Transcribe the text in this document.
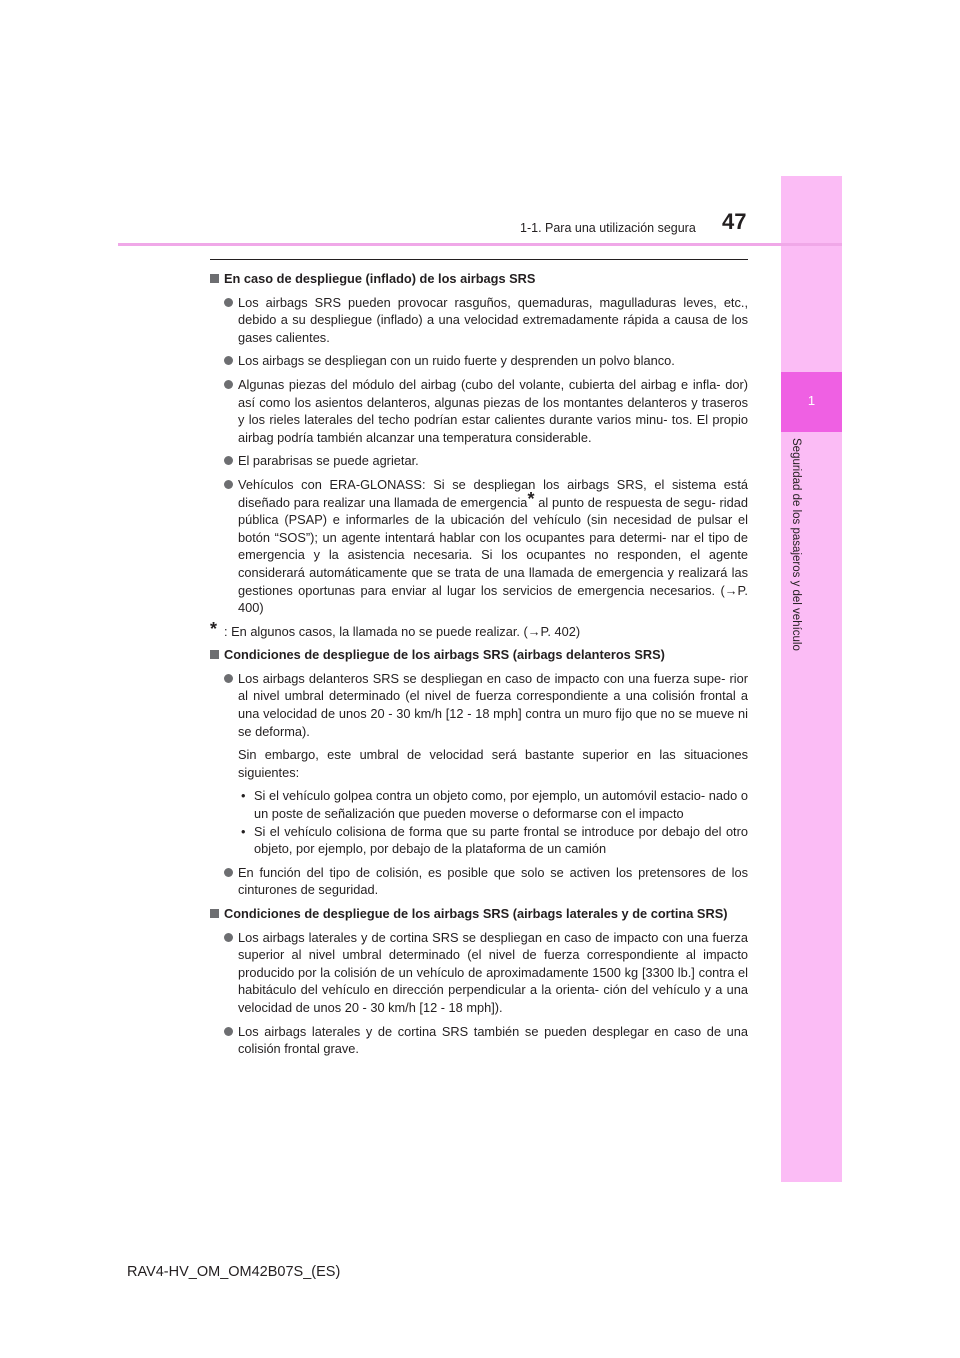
1
Seguridad de los pasajeros y del vehículo
47
1-1. Para una utilización segura
En caso de despliegue (inflado) de los airbags SRS
Los airbags SRS pueden provocar rasguños, quemaduras, magulladuras leves, etc., debido a su despliegue (inflado) a una velocidad extremadamente rápida a causa de los gases calientes.
Los airbags se despliegan con un ruido fuerte y desprenden un polvo blanco.
Algunas piezas del módulo del airbag (cubo del volante, cubierta del airbag e infla- dor) así como los asientos delanteros, algunas piezas de los montantes delanteros y traseros y los rieles laterales del techo podrían estar calientes durante varios minu- tos. El propio airbag podría también alcanzar una temperatura considerable.
El parabrisas se puede agrietar.
Vehículos con ERA-GLONASS: Si se despliegan los airbags SRS, el sistema está diseñado para realizar una llamada de emergencia* al punto de respuesta de segu- ridad pública (PSAP) e informarles de la ubicación del vehículo (sin necesidad de pulsar el botón “SOS”); un agente intentará hablar con los ocupantes para determi- nar el tipo de emergencia y la asistencia necesaria. Si los ocupantes no responden, el agente considerará automáticamente que se trata de una llamada de emergencia y realizará las gestiones oportunas para enviar al lugar los servicios de emergencia necesarios. (→P. 400)
* : En algunos casos, la llamada no se puede realizar. (→P. 402)
Condiciones de despliegue de los airbags SRS (airbags delanteros SRS)
Los airbags delanteros SRS se despliegan en caso de impacto con una fuerza supe- rior al nivel umbral determinado (el nivel de fuerza correspondiente a una colisión frontal a una velocidad de unos 20 - 30 km/h [12 - 18 mph] contra un muro fijo que no se mueve ni se deforma).
Sin embargo, este umbral de velocidad será bastante superior en las situaciones siguientes:
• Si el vehículo golpea contra un objeto como, por ejemplo, un automóvil estacio- nado o un poste de señalización que pueden moverse o deformarse con el impacto
• Si el vehículo colisiona de forma que su parte frontal se introduce por debajo del otro objeto, por ejemplo, por debajo de la plataforma de un camión
En función del tipo de colisión, es posible que solo se activen los pretensores de los cinturones de seguridad.
Condiciones de despliegue de los airbags SRS (airbags laterales y de cortina SRS)
Los airbags laterales y de cortina SRS se despliegan en caso de impacto con una fuerza superior al nivel umbral determinado (el nivel de fuerza correspondiente al impacto producido por la colisión de un vehículo de aproximadamente 1500 kg [3300 lb.] contra el habitáculo del vehículo en dirección perpendicular a la orienta- ción del vehículo y a una velocidad de unos 20 - 30 km/h [12 - 18 mph]).
Los airbags laterales y de cortina SRS también se pueden desplegar en caso de una colisión frontal grave.
RAV4-HV_OM_OM42B07S_(ES)
